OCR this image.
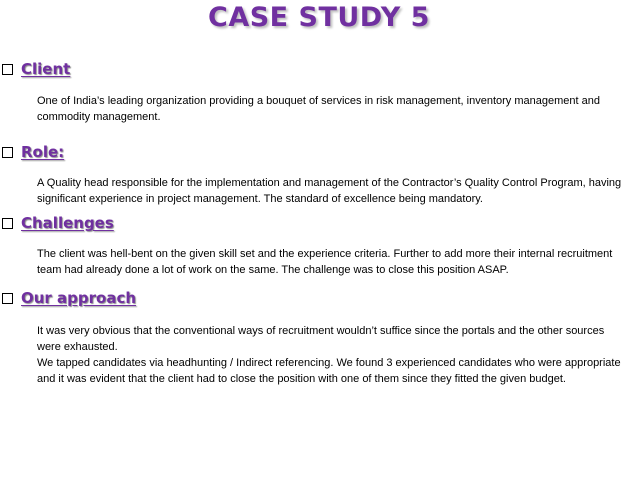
CASE STUDY 5
Client

One of India’s leading organization providing a bouquet of services in risk management, inventory management and commodity management.

Role:

A Quality head responsible for the implementation and management of the Contractor’s Quality Control Program, having significant experience in project management. The standard of excellence being mandatory.

Challenges

The client was hell-bent on the given skill set and the experience criteria. Further to add more their internal recruitment team had already done a lot of work on the same. The challenge was to close this position ASAP.

Our approach

It was very obvious that the conventional ways of recruitment wouldn’t suffice since the portals and the other sources were exhausted.

We tapped candidates via headhunting / Indirect referencing. We found 3 experienced candidates who were appropriate and it was evident that the client had to close the position with one of them since they fitted the given budget.
